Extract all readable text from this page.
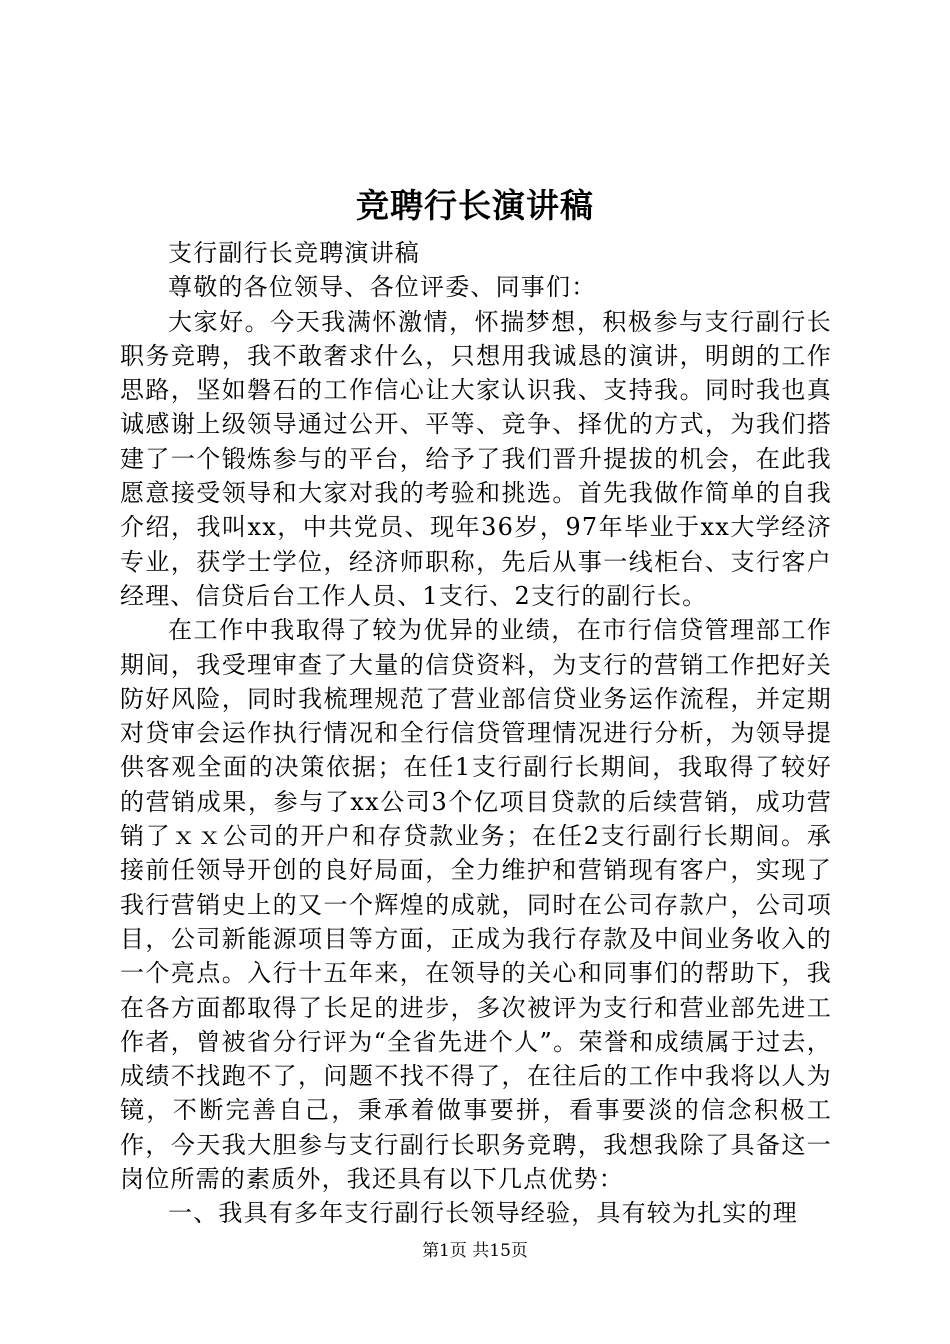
竞聘行长演讲稿

支行副行长竞聘演讲稿

尊敬的各位领导、各位评委、同事们：

大家好。今天我满怀激情，怀揣梦想，积极参与支行副行长职务竞聘，我不敢奢求什么，只想用我诚恳的演讲，明朗的工作思路，坚如磐石的工作信心让大家认识我、支持我。同时我也真诚感谢上级领导通过公开、平等、竞争、择优的方式，为我们搭建了一个锻炼参与的平台，给予了我们晋升提拔的机会，在此我愿意接受领导和大家对我的考验和挑选。首先我做作简单的自我介绍，我叫xx，中共党员、现年36岁，97年毕业于xx大学经济专业，获学士学位，经济师职称，先后从事一线柜台、支行客户经理、信贷后台工作人员、1支行、2支行的副行长。

在工作中我取得了较为优异的业绩，在市行信贷管理部工作期间，我受理审查了大量的信贷资料，为支行的营销工作把好关防好风险，同时我梳理规范了营业部信贷业务运作流程，并定期对贷审会运作执行情况和全行信贷管理情况进行分析，为领导提供客观全面的决策依据；在任1支行副行长期间，我取得了较好的营销成果，参与了xx公司3个亿项目贷款的后续营销，成功营销了ｘｘ公司的开户和存贷款业务；在任2支行副行长期间。承接前任领导开创的良好局面，全力维护和营销现有客户，实现了我行营销史上的又一个辉煌的成就，同时在公司存款户，公司项目，公司新能源项目等方面，正成为我行存款及中间业务收入的一个亮点。入行十五年来，在领导的关心和同事们的帮助下，我在各方面都取得了长足的进步，多次被评为支行和营业部先进工作者，曾被省分行评为“全省先进个人”。荣誉和成绩属于过去，成绩不找跑不了，问题不找不得了，在往后的工作中我将以人为镜，不断完善自己，秉承着做事要拼，看事要淡的信念积极工作，今天我大胆参与支行副行长职务竞聘，我想我除了具备这一岗位所需的素质外，我还具有以下几点优势：

一、我具有多年支行副行长领导经验，具有较为扎实的理

第1页 共15页
